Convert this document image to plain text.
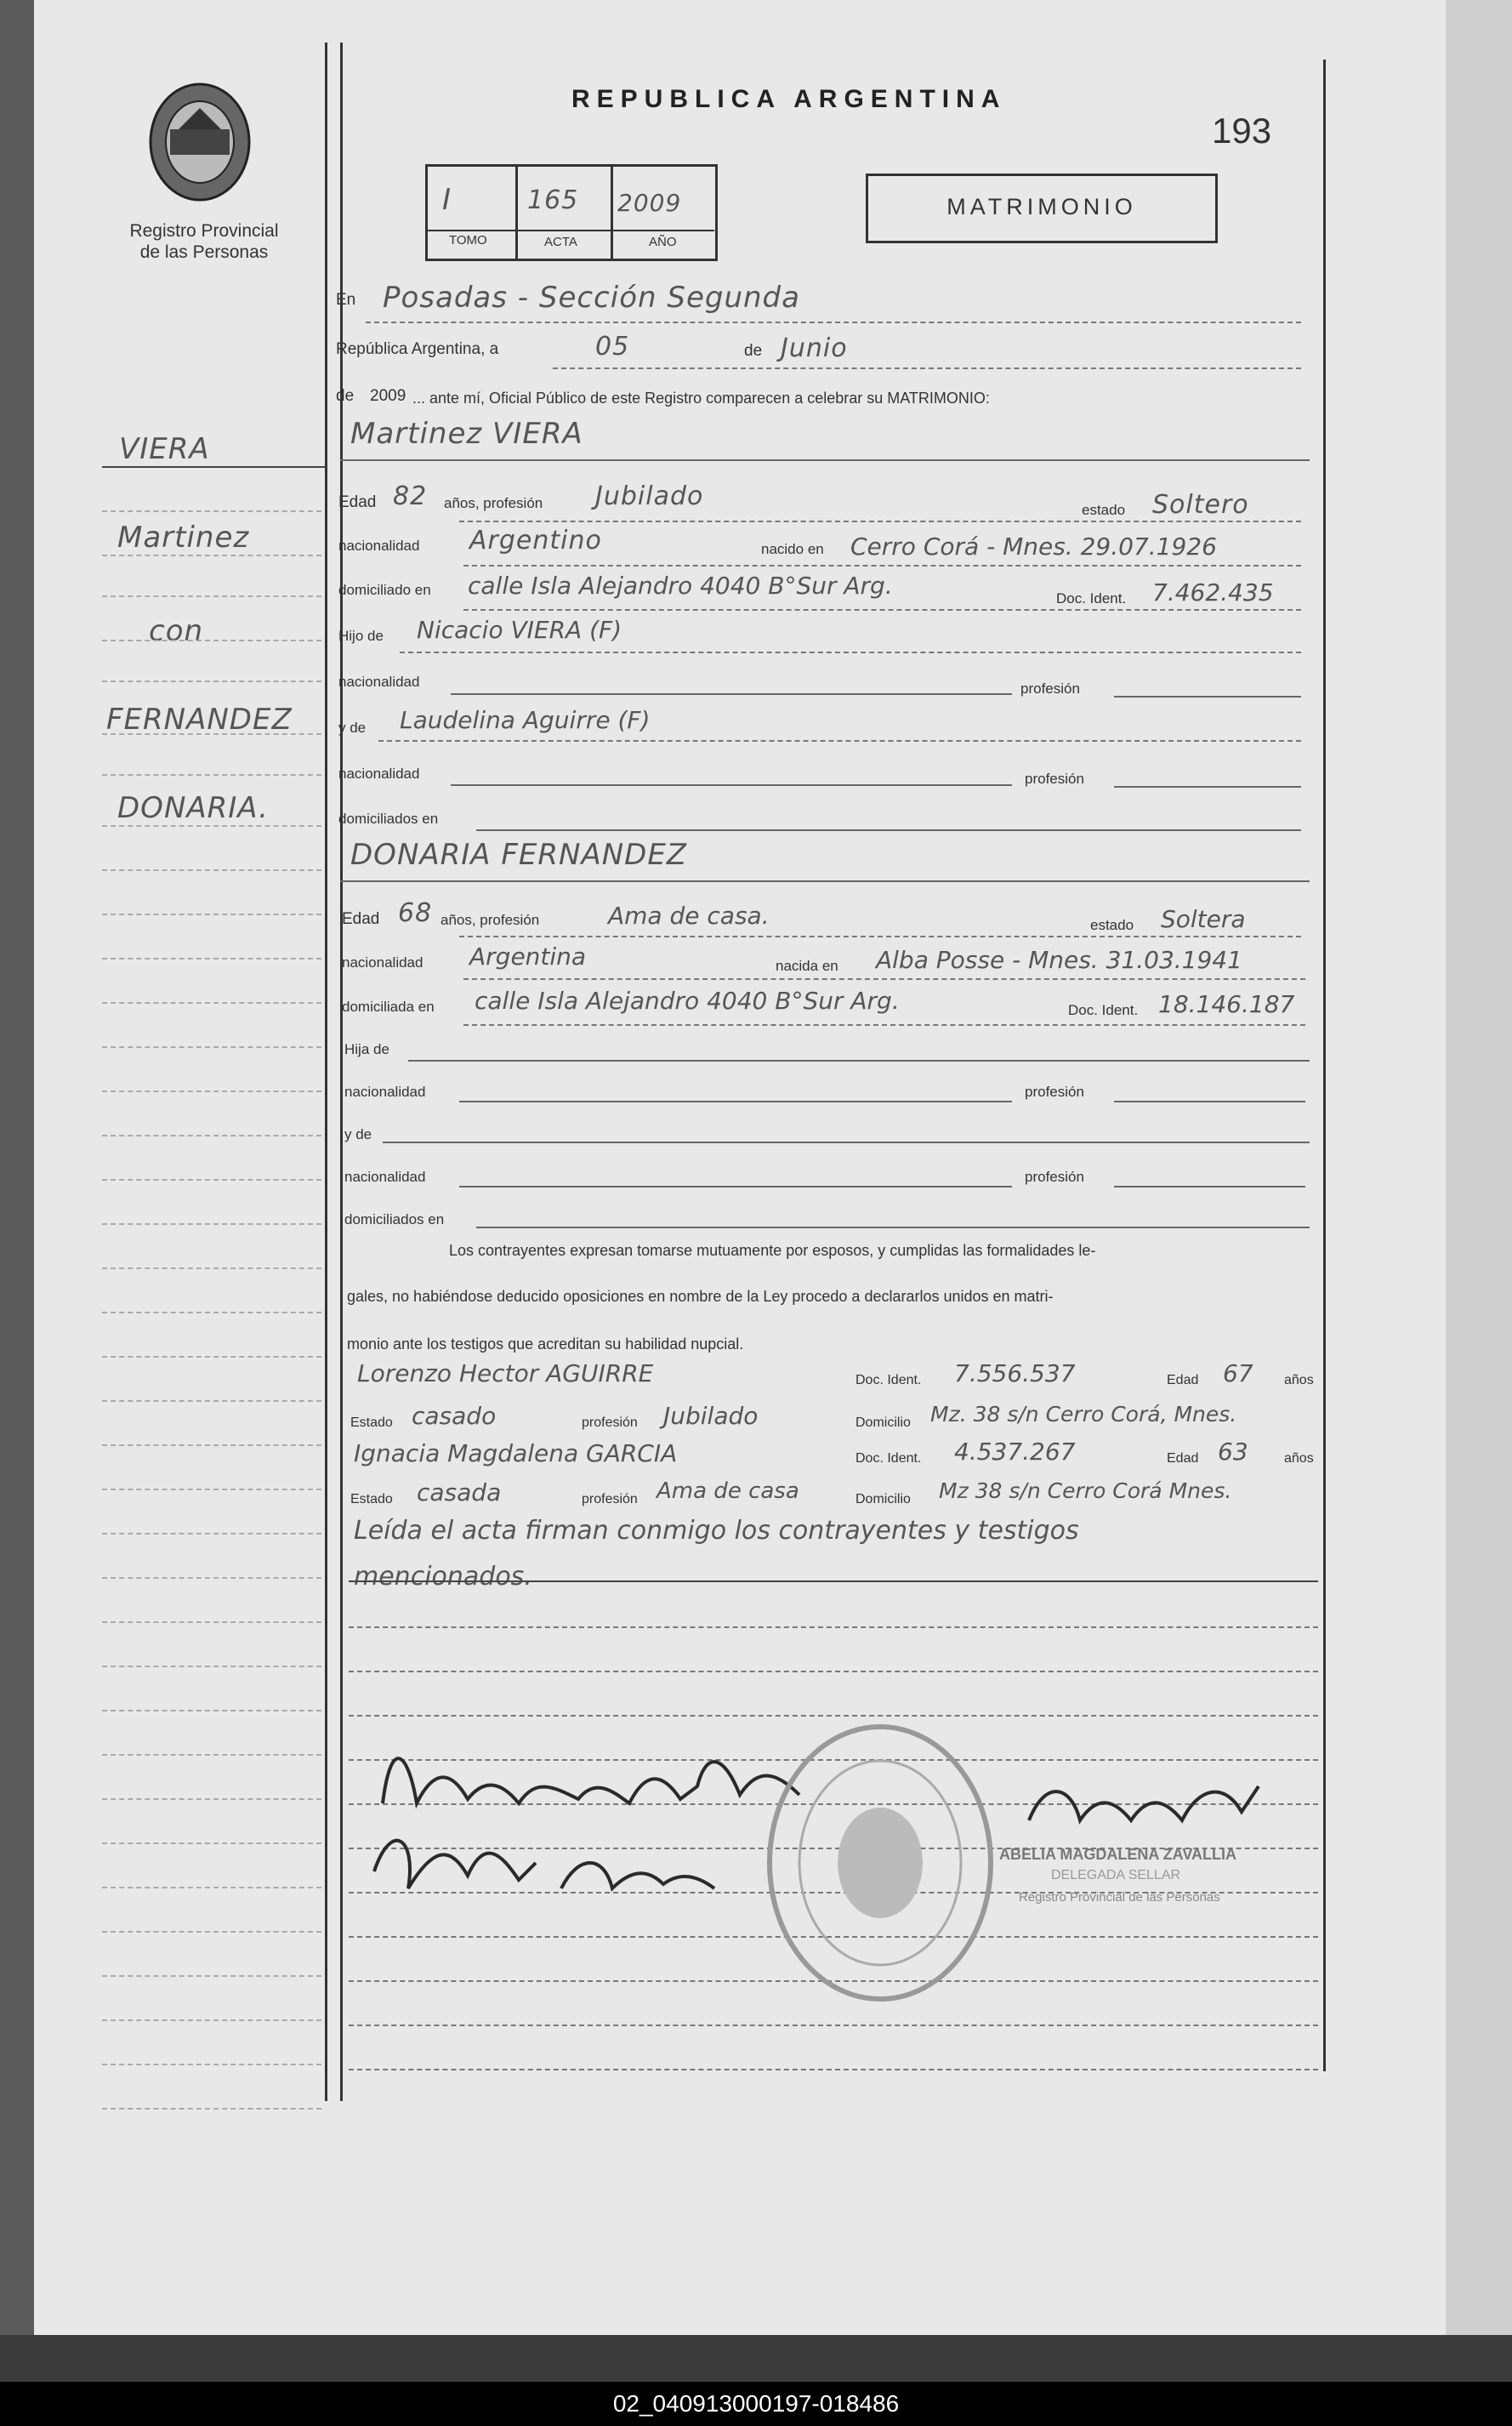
Registro Provincial
de las Personas
REPUBLICA ARGENTINA
193
I	165 2009
TOMO	ACTA	AÑO
MATRIMONIO
VIERA
Martinez
con
FERNANDEZ
DONARIA.
En Posadas - Sección Segunda
República Argentina, a	05	de Junio
de 2009 ... ante mí, Oficial Público de este Registro comparecen a celebrar su MATRIMONIO:
Martinez VIERA
Edad 82 años, profesión Jubilado	estado Soltero
nacionalidad Argentino	nacido en Cerro Corá - Mnes. 29.07.1926
domiciliado en calle Isla Alejandro 4040 B°Sur Arg.	Doc. Ident. 7.462.435
Hijo de Nicacio VIERA (F)
nacionalidad	profesión
y de Laudelina Aguirre (F)
nacionalidad	profesión
domiciliados en
DONARIA FERNANDEZ
Edad 68 años, profesión	Ama de casa.	estado Soltera
nacionalidad Argentina	nacida en Alba Posse - Mnes. 31.03.1941
domiciliada en calle Isla Alejandro 4040 B°Sur Arg.	Doc. Ident. 18.146.187
Hija de
nacionalidad	profesión
y de
nacionalidad	profesión
domiciliados en
Los contrayentes expresan tomarse mutuamente por esposos, y cumplidas las formalidades le-
gales, no habiéndose deducido oposiciones en nombre de la Ley procedo a declararlos unidos en matri-
monio ante los testigos que acreditan su habilidad nupcial.
Lorenzo Hector AGUIRRE	Doc. Ident. 7.556.537	Edad 67 años
Estado casado	profesión Jubilado	Domicilio Mz. 38 s/n Cerro Corá, Mnes.
Ignacia Magdalena GARCIA	Doc. Ident. 4.537.267	Edad 63	años
Estado casada	profesión Ama de casa	Domicilio Mz 38 s/n Cerro Corá Mnes.
Leída el acta firman conmigo los contrayentes y testigos
mencionados.
ABELIA MAGDALENA ZAVALLIA
DELEGADA SELLAR
Registro Provincial de las Personas
02_040913000197-018486
